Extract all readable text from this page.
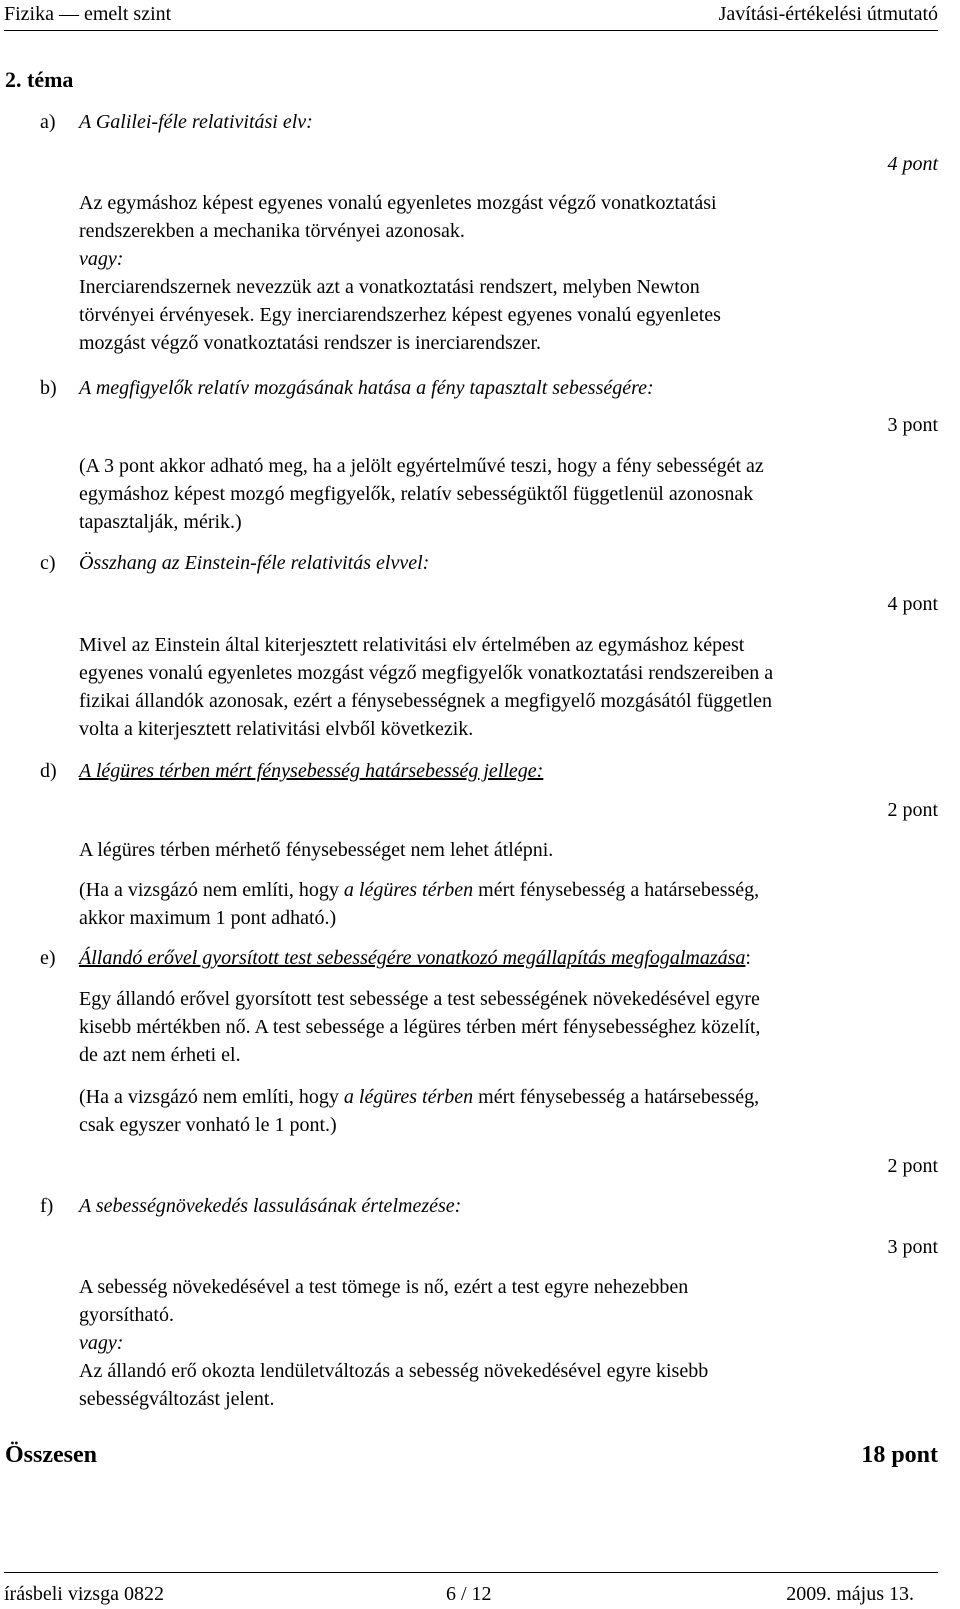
Fizika — emelt szint	Javítási-értékelési útmutató
2. téma
a) A Galilei-féle relativitási elv:
4 pont
Az egymáshoz képest egyenes vonalú egyenletes mozgást végző vonatkoztatási
rendszerekben a mechanika törvényei azonosak.
vagy:
Inerciarendszernek nevezzük azt a vonatkoztatási rendszert, melyben Newton
törvényei érvényesek. Egy inerciarendszerhez képest egyenes vonalú egyenletes
mozgást végző vonatkoztatási rendszer is inerciarendszer.
b) A megfigyelők relatív mozgásának hatása a fény tapasztalt sebességére:
3 pont
(A 3 pont akkor adható meg, ha a jelölt egyértelművé teszi, hogy a fény sebességét az
egymáshoz képest mozgó megfigyelők, relatív sebességüktől függetlenül azonosnak
tapasztalják, mérik.)
c) Összhang az Einstein-féle relativitás elvvel:
4 pont
Mivel az Einstein által kiterjesztett relativitási elv értelmében az egymáshoz képest
egyenes vonalú egyenletes mozgást végző megfigyelők vonatkoztatási rendszereiben a
fizikai állandók azonosak, ezért a fénysebességnek a megfigyelő mozgásától független
volta a kiterjesztett relativitási elvből következik.
d) A légüres térben mért fénysebesség határsebesség jellege:
2 pont
A légüres térben mérhető fénysebességet nem lehet átlépni.
(Ha a vizsgázó nem említi, hogy a légüres térben mért fénysebesség a határsebesség,
akkor maximum 1 pont adható.)
e) Állandó erővel gyorsított test sebességére vonatkozó megállapítás megfogalmazása:
Egy állandó erővel gyorsított test sebessége a test sebességének növekedésével egyre
kisebb mértékben nő. A test sebessége a légüres térben mért fénysebességhez közelít,
de azt nem érheti el.
(Ha a vizsgázó nem említi, hogy a légüres térben mért fénysebesség a határsebesség,
csak egyszer vonható le 1 pont.)
2 pont
f) A sebességnövekedés lassulásának értelmezése:
3 pont
A sebesség növekedésével a test tömege is nő, ezért a test egyre nehezebben
gyorsítható.
vagy:
Az állandó erő okozta lendületváltozás a sebesség növekedésével egyre kisebb
sebességváltozást jelent.
Összesen	18 pont
írásbeli vizsga 0822	6 / 12	2009. május 13.
